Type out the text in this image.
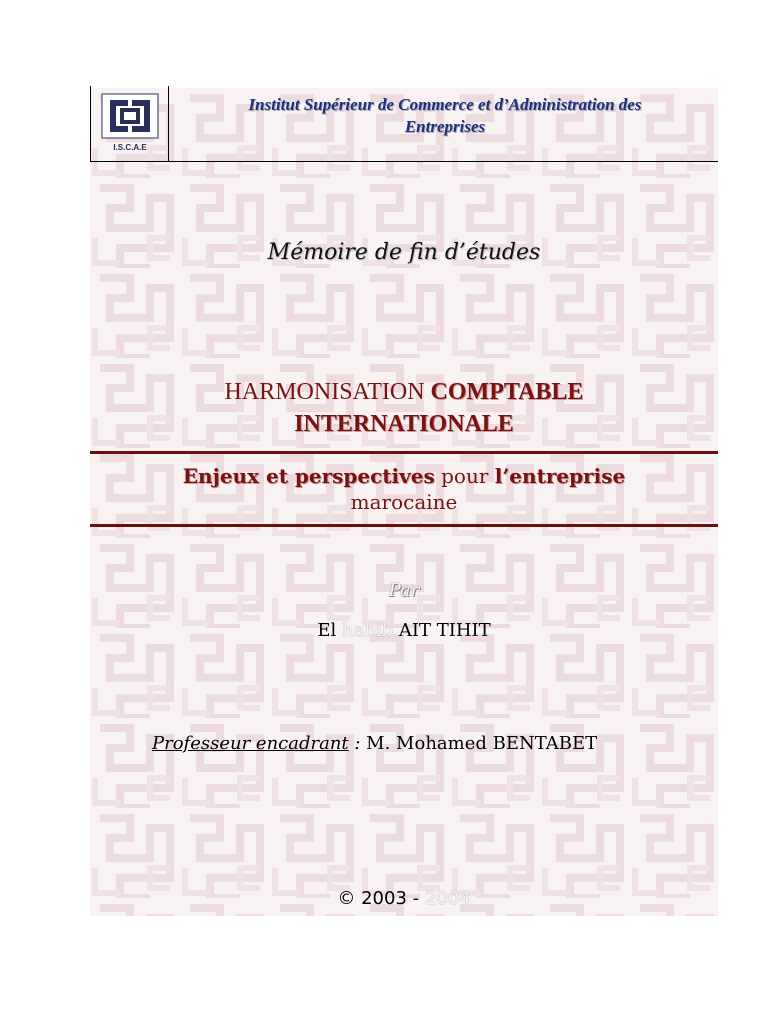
I.S.C.A.E
Institut Supérieur de Commerce et d’Administration des
Entreprises
Mémoire de fin d’études
HARMONISATION COMPTABLE
INTERNATIONALE
Enjeux et perspectives pour l’entreprise
marocaine
Par
El habib AIT TIHIT
Professeur encadrant : M. Mohamed BENTABET
© 2003 - 2004
